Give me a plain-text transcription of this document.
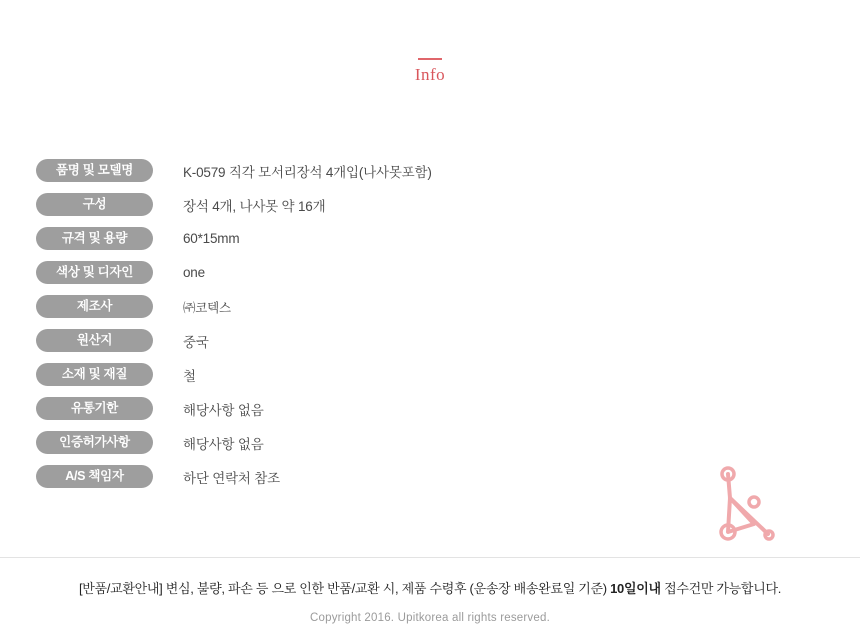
Info
품명 및 모델명	K-0579 직각 모서리장석 4개입(나사못포함)

구성	장석 4개, 나사못 약 16개

규격 및 용량	60*15mm

색상 및 디자인	one

제조사	㈜코텍스

원산지	중국

소재 및 재질	철

유통기한	해당사항 없음

인증허가사항	해당사항 없음

A/S 책임자	하단 연락처 참조
[반품/교환안내] 변심, 불량, 파손 등 으로 인한 반품/교환 시, 제품 수령후 (운송장 배송완료일 기준) 10일이내 접수건만 가능합니다.
Copyright 2016. Upitkorea all rights reserved.
